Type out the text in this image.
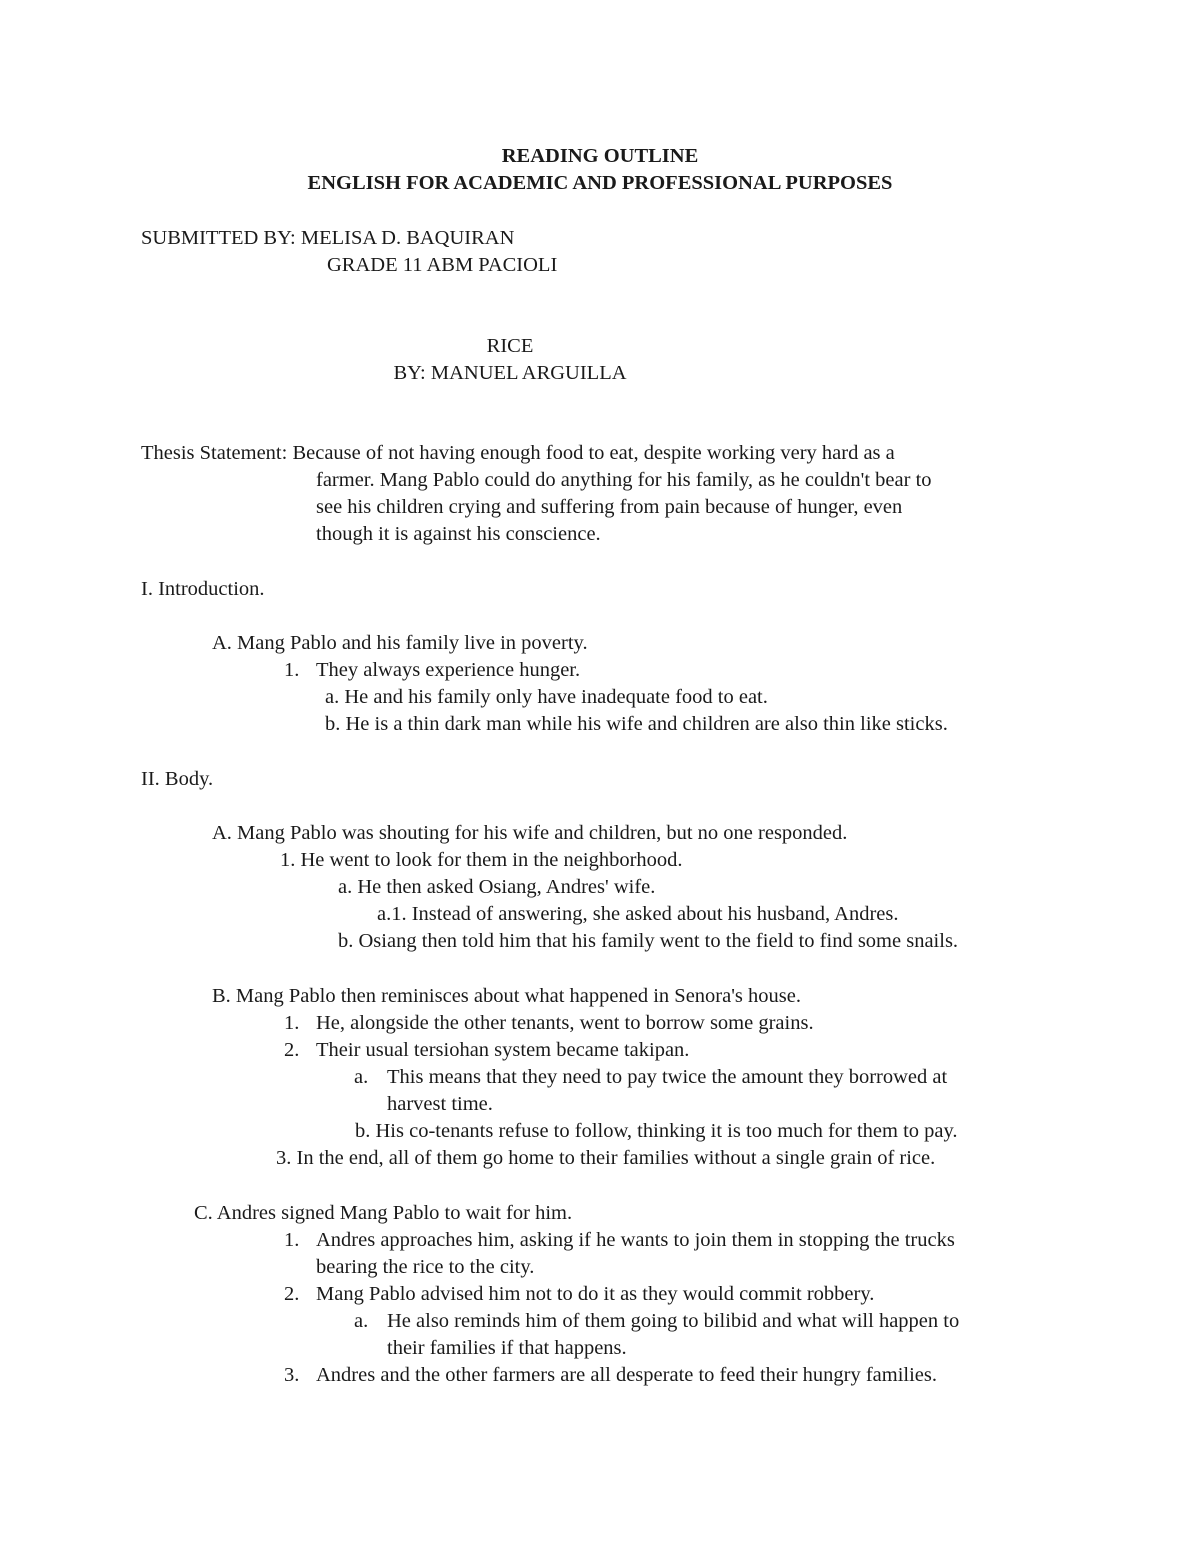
READING OUTLINE

ENGLISH FOR ACADEMIC AND PROFESSIONAL PURPOSES

SUBMITTED BY: MELISA D. BAQUIRAN

GRADE 11 ABM PACIOLI

RICE

BY: MANUEL ARGUILLA

Thesis Statement: Because of not having enough food to eat, despite working very hard as a

farmer. Mang Pablo could do anything for his family, as he couldn't bear to

see his children crying and suffering from pain because of hunger, even

though it is against his conscience.

I. Introduction.

A. Mang Pablo and his family live in poverty.

1. They always experience hunger.

a. He and his family only have inadequate food to eat.

b. He is a thin dark man while his wife and children are also thin like sticks.

II. Body.

A. Mang Pablo was shouting for his wife and children, but no one responded.

1. He went to look for them in the neighborhood.

a. He then asked Osiang, Andres' wife.

a.1. Instead of answering, she asked about his husband, Andres.

b. Osiang then told him that his family went to the field to find some snails.

B. Mang Pablo then reminisces about what happened in Senora's house.

1. He, alongside the other tenants, went to borrow some grains.

2. Their usual tersiohan system became takipan.

a. This means that they need to pay twice the amount they borrowed at

harvest time.

b. His co-tenants refuse to follow, thinking it is too much for them to pay.

3. In the end, all of them go home to their families without a single grain of rice.

C. Andres signed Mang Pablo to wait for him.

1. Andres approaches him, asking if he wants to join them in stopping the trucks

bearing the rice to the city.

2. Mang Pablo advised him not to do it as they would commit robbery.

a. He also reminds him of them going to bilibid and what will happen to

their families if that happens.

3. Andres and the other farmers are all desperate to feed their hungry families.
